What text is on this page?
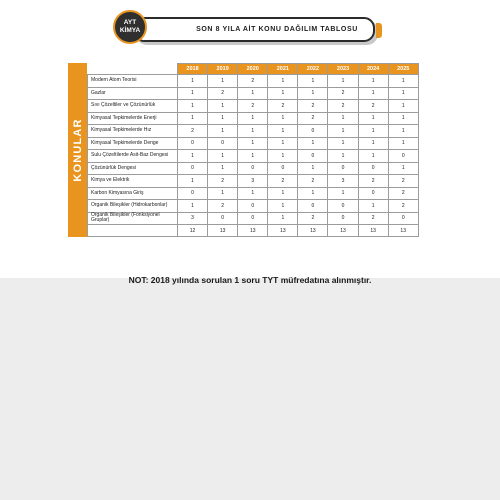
SON 8 YILA AİT KONU DAĞILIM TABLOSU
AYT
KİMYA
KONULAR
	2018	2019	2020	2021	2022	2023	2024	2025
Modern Atom Teorisi	1	1	2	1	1	1	1	1
Gazlar	1	2	1	1	1	2	1	1
Sıvı Çözeltiler ve Çözünürlük	1	1	2	2	2	2	2	1
Kimyasal Tepkimelerde Enerji	1	1	1	1	2	1	1	1
Kimyasal Tepkimelerde Hız	2	1	1	1	0	1	1	1
Kimyasal Tepkimelerde Denge	0	0	1	1	1	1	1	1
Sulu Çözeltilerde Asit-Baz Dengesi	1	1	1	1	0	1	1	0
Çözünürlük Dengesi	0	1	0	0	1	0	0	1
Kimya ve Elektrik	1	2	3	2	2	3	2	2
Karbon Kimyasına Giriş	0	1	1	1	1	1	0	2
Organik Bileşikler (Hidrokarbonlar)	1	2	0	1	0	0	1	2
Organik Bileşikler (Fonksiyonel Gruplar)	3	0	0	1	2	0	2	0
	12	13	13	13	13	13	13	13
NOT: 2018 yılında sorulan 1 soru TYT müfredatına alınmıştır.
